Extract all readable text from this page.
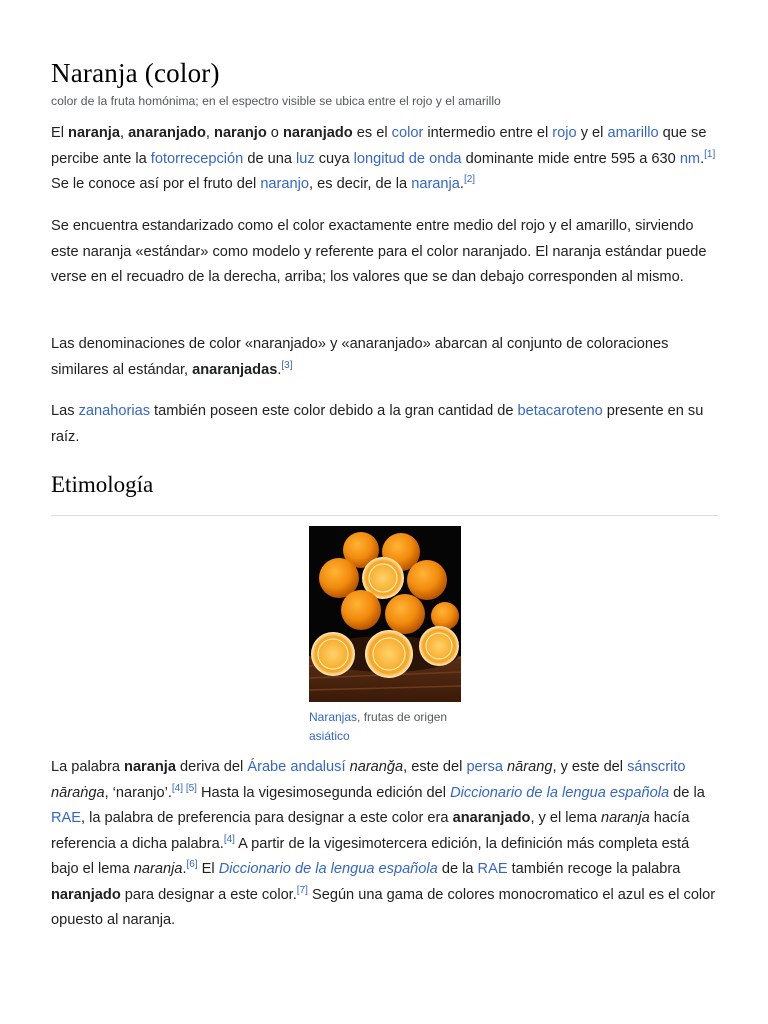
Naranja (color)
color de la fruta homónima; en el espectro visible se ubica entre el rojo y el amarillo

El naranja, anaranjado, naranjo o naranjado es el color intermedio entre el rojo y el amarillo que se percibe ante la fotorrecepción de una luz cuya longitud de onda dominante mide entre 595 a 630 nm.[1] Se le conoce así por el fruto del naranjo, es decir, de la naranja.[2]

Se encuentra estandarizado como el color exactamente entre medio del rojo y el amarillo, sirviendo este naranja «estándar» como modelo y referente para el color naranjado. El naranja estándar puede verse en el recuadro de la derecha, arriba; los valores que se dan debajo corresponden al mismo.

Las denominaciones de color «naranjado» y «anaranjado» abarcan al conjunto de coloraciones similares al estándar, anaranjadas.[3]

Las zanahorias también poseen este color debido a la gran cantidad de betacaroteno presente en su raíz.

Etimología
Naranjas, frutas de origen asiático

La palabra naranja deriva del Árabe andalusí naranǧa, este del persa nārang, y este del sánscrito nāraṅga, ‘naranjo’.[4] [5] Hasta la vigesimosegunda edición del Diccionario de la lengua española de la RAE, la palabra de preferencia para designar a este color era anaranjado, y el lema naranja hacía referencia a dicha palabra.[4] A partir de la vigesimotercera edición, la definición más completa está bajo el lema naranja.[6] El Diccionario de la lengua española de la RAE también recoge la palabra naranjado para designar a este color.[7] Según una gama de colores monocromatico el azul es el color opuesto al naranja.
